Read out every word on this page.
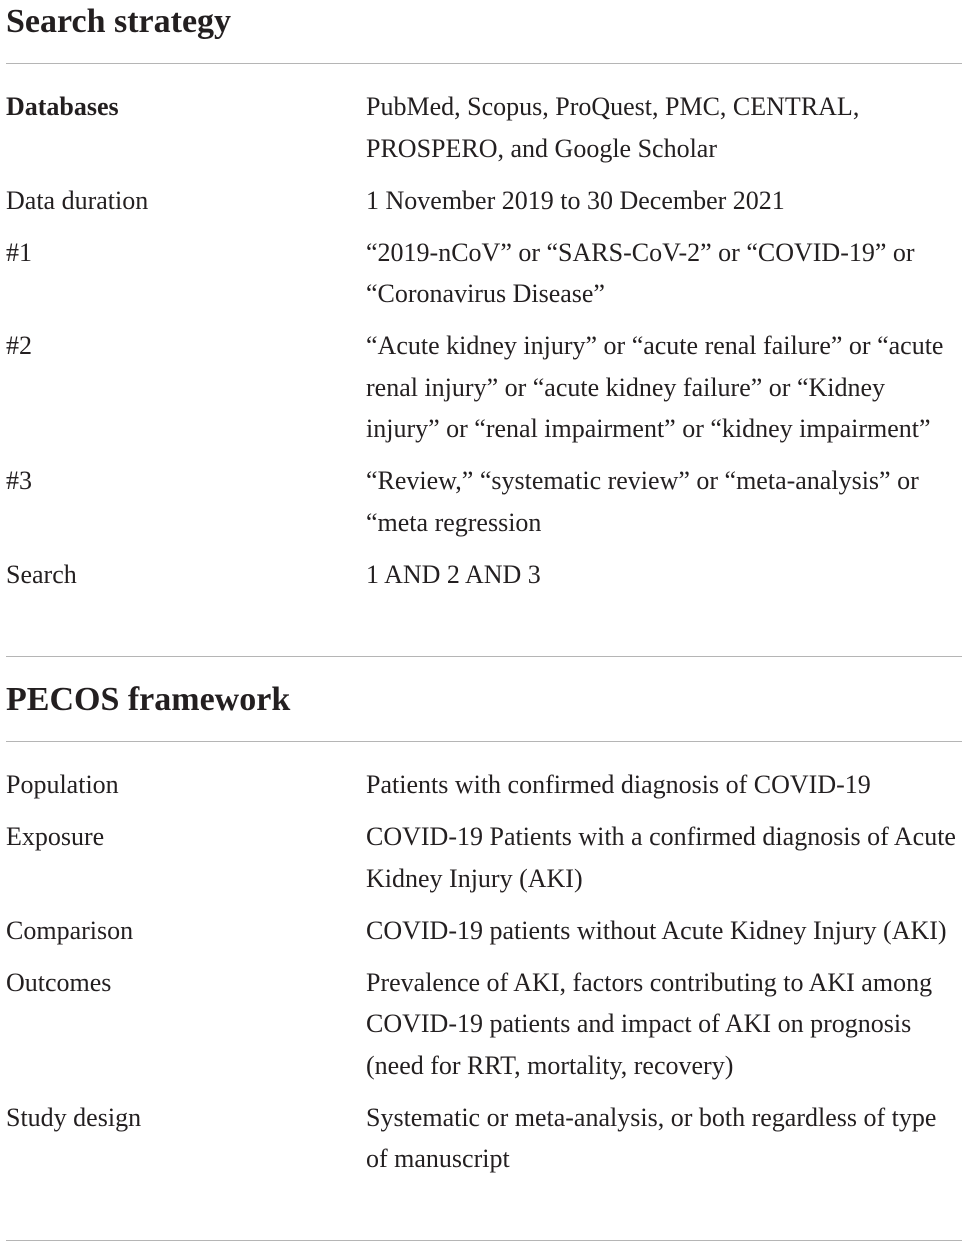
Search strategy
Databases	PubMed, Scopus, ProQuest, PMC, CENTRAL, PROSPERO, and Google Scholar
Data duration	1 November 2019 to 30 December 2021
#1	“2019-nCoV” or “SARS-CoV-2” or “COVID-19” or “Coronavirus Disease”
#2	“Acute kidney injury” or “acute renal failure” or “acute renal injury” or “acute kidney failure” or “Kidney injury” or “renal impairment” or “kidney impairment”
#3	“Review,” “systematic review” or “meta-analysis” or “meta regression
Search	1 AND 2 AND 3
PECOS framework
Population	Patients with confirmed diagnosis of COVID-19
Exposure	COVID-19 Patients with a confirmed diagnosis of Acute Kidney Injury (AKI)
Comparison	COVID-19 patients without Acute Kidney Injury (AKI)
Outcomes	Prevalence of AKI, factors contributing to AKI among COVID-19 patients and impact of AKI on prognosis (need for RRT, mortality, recovery)
Study design	Systematic or meta-analysis, or both regardless of type of manuscript
